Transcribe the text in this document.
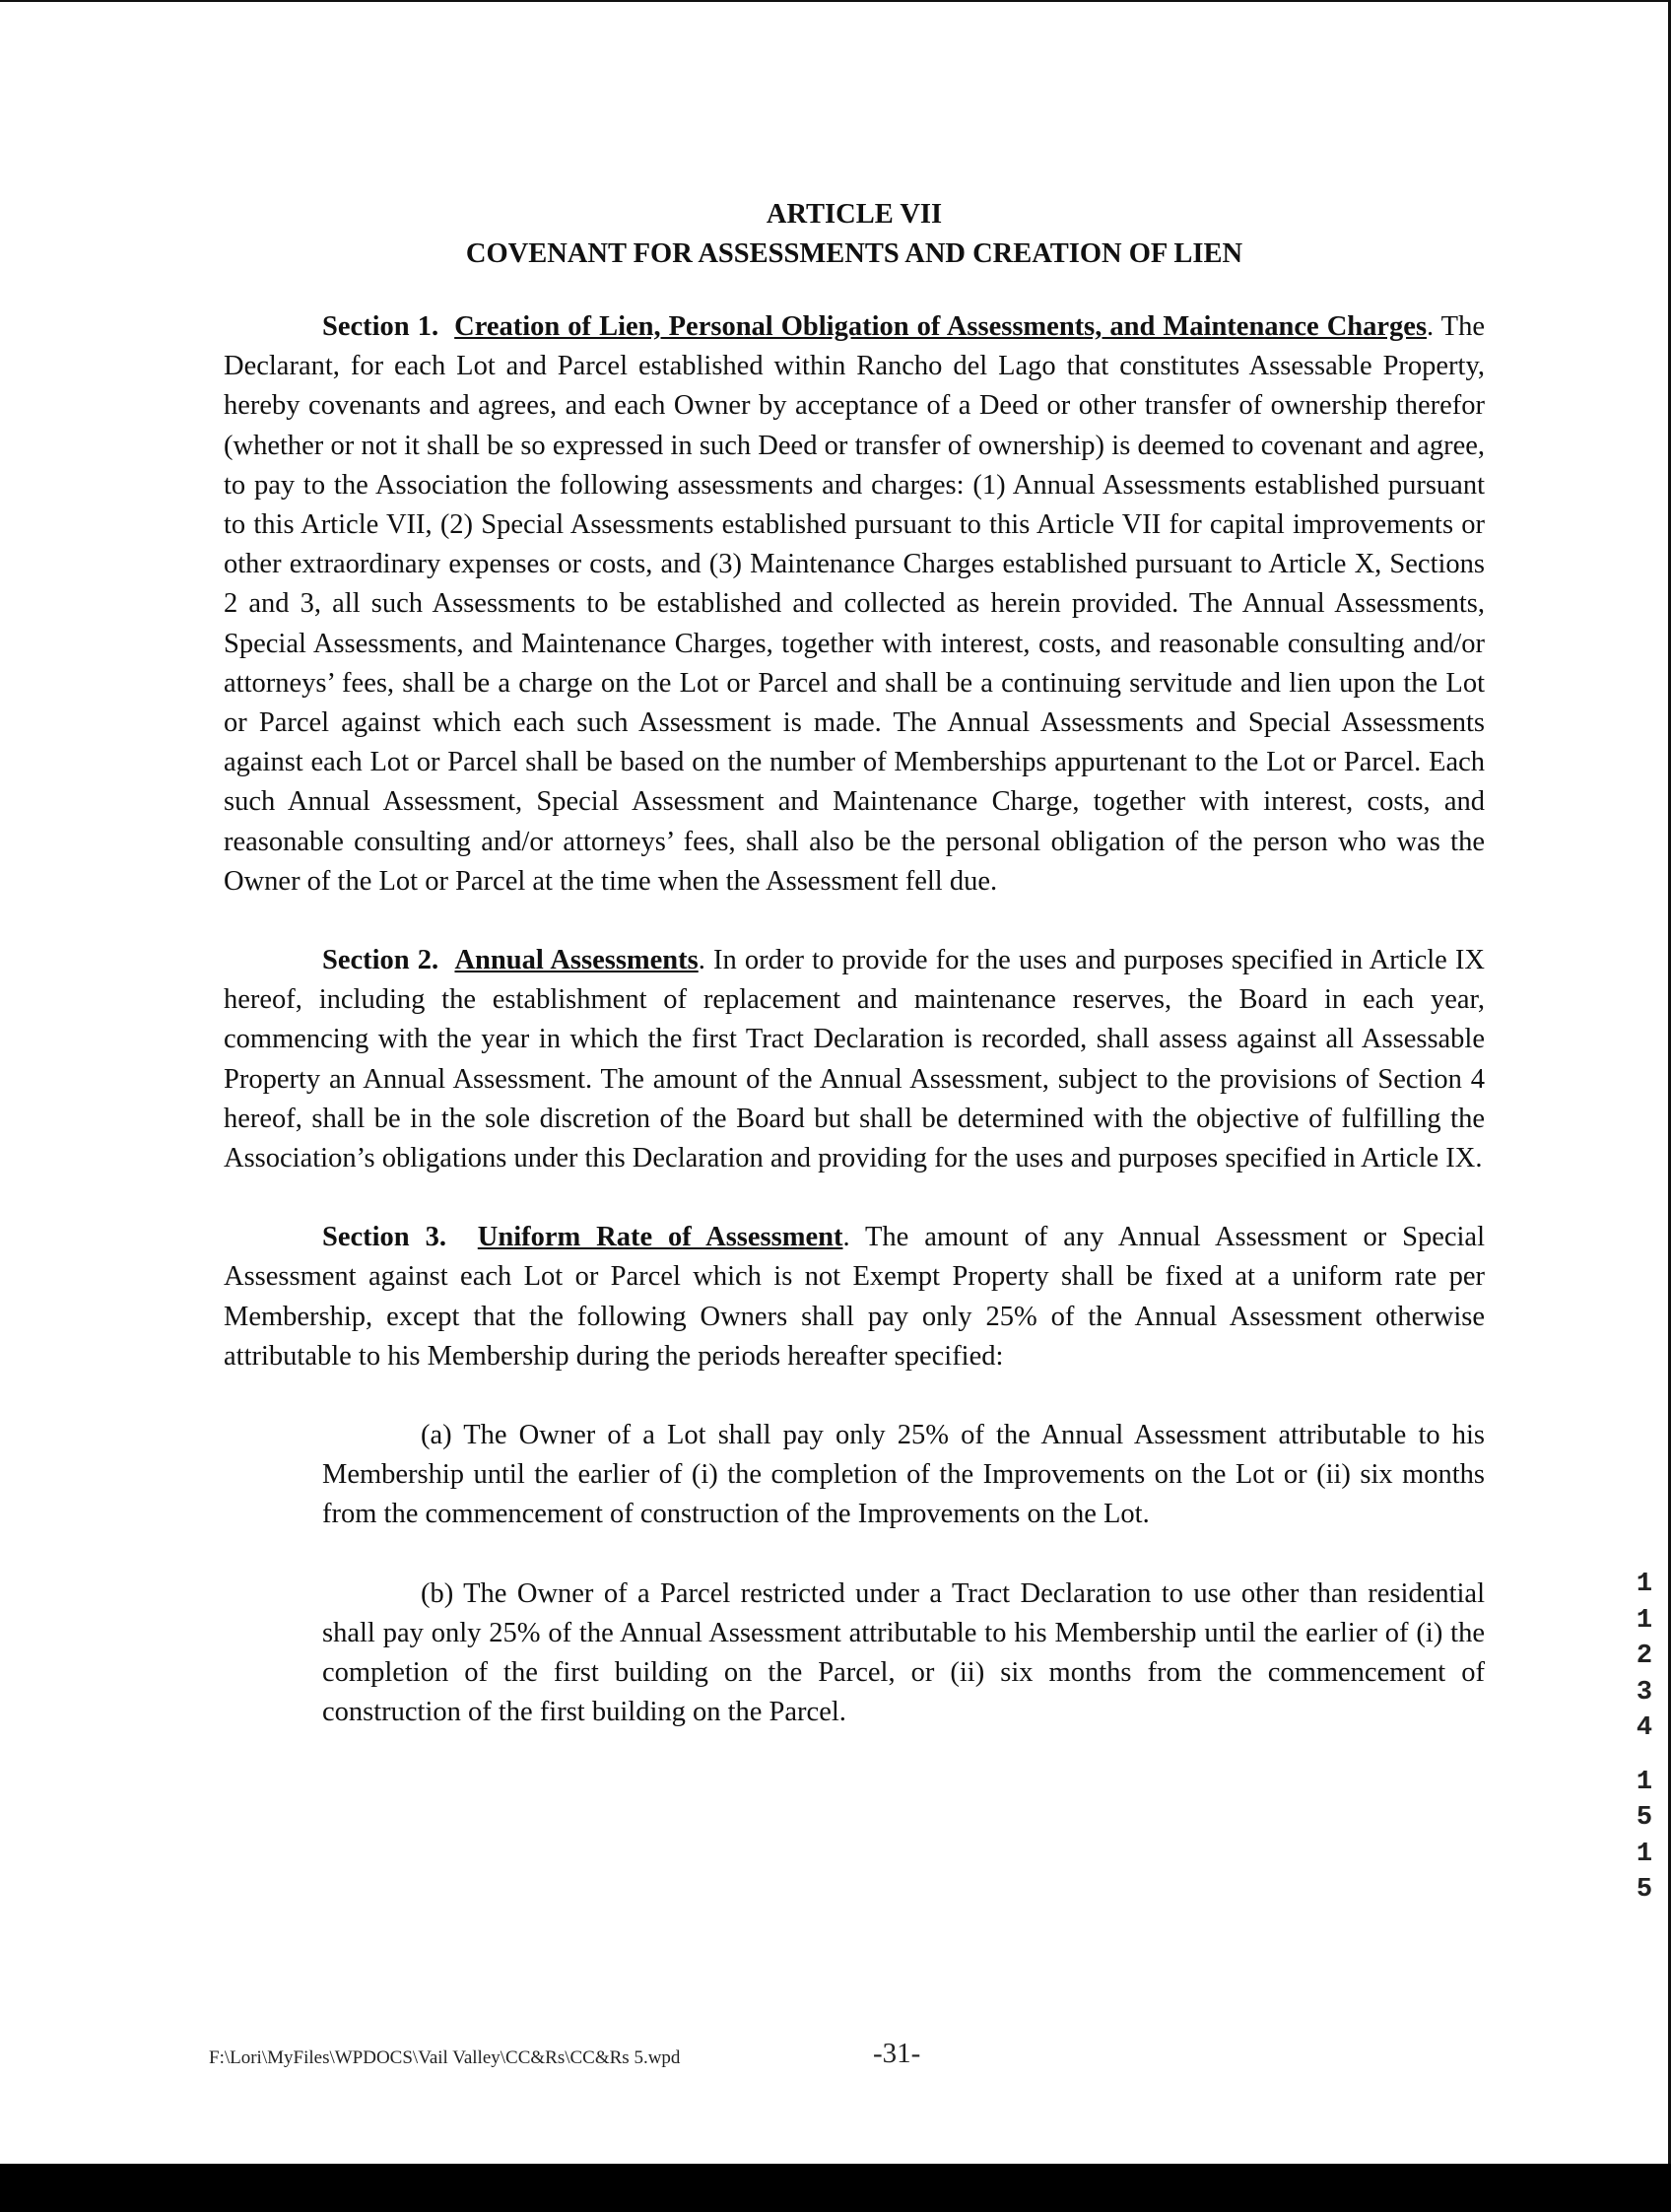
ARTICLE VII

COVENANT FOR ASSESSMENTS AND CREATION OF LIEN

Section 1. Creation of Lien, Personal Obligation of Assessments, and Maintenance Charges. The Declarant, for each Lot and Parcel established within Rancho del Lago that constitutes Assessable Property, hereby covenants and agrees, and each Owner by acceptance of a Deed or other transfer of ownership therefor (whether or not it shall be so expressed in such Deed or transfer of ownership) is deemed to covenant and agree, to pay to the Association the following assessments and charges: (1) Annual Assessments established pursuant to this Article VII, (2) Special Assessments established pursuant to this Article VII for capital improvements or other extraordinary expenses or costs, and (3) Maintenance Charges established pursuant to Article X, Sections 2 and 3, all such Assessments to be established and collected as herein provided. The Annual Assessments, Special Assessments, and Maintenance Charges, together with interest, costs, and reasonable consulting and/or attorneys’ fees, shall be a charge on the Lot or Parcel and shall be a continuing servitude and lien upon the Lot or Parcel against which each such Assessment is made. The Annual Assessments and Special Assessments against each Lot or Parcel shall be based on the number of Memberships appurtenant to the Lot or Parcel. Each such Annual Assessment, Special Assessment and Maintenance Charge, together with interest, costs, and reasonable consulting and/or attorneys’ fees, shall also be the personal obligation of the person who was the Owner of the Lot or Parcel at the time when the Assessment fell due.

Section 2. Annual Assessments. In order to provide for the uses and purposes specified in Article IX hereof, including the establishment of replacement and maintenance reserves, the Board in each year, commencing with the year in which the first Tract Declaration is recorded, shall assess against all Assessable Property an Annual Assessment. The amount of the Annual Assessment, subject to the provisions of Section 4 hereof, shall be in the sole discretion of the Board but shall be determined with the objective of fulfilling the Association’s obligations under this Declaration and providing for the uses and purposes specified in Article IX.

Section 3. Uniform Rate of Assessment. The amount of any Annual Assessment or Special Assessment against each Lot or Parcel which is not Exempt Property shall be fixed at a uniform rate per Membership, except that the following Owners shall pay only 25% of the Annual Assessment otherwise attributable to his Membership during the periods hereafter specified:

(a) The Owner of a Lot shall pay only 25% of the Annual Assessment attributable to his Membership until the earlier of (i) the completion of the Improvements on the Lot or (ii) six months from the commencement of construction of the Improvements on the Lot.

(b) The Owner of a Parcel restricted under a Tract Declaration to use other than residential shall pay only 25% of the Annual Assessment attributable to his Membership until the earlier of (i) the completion of the first building on the Parcel, or (ii) six months from the commencement of construction of the first building on the Parcel.

F:\Lori\MyFiles\WPDOCS\Vail Valley\CC&Rs\CC&Rs 5.wpd	-31-
1
1
2
3
4
1
5
1
5
